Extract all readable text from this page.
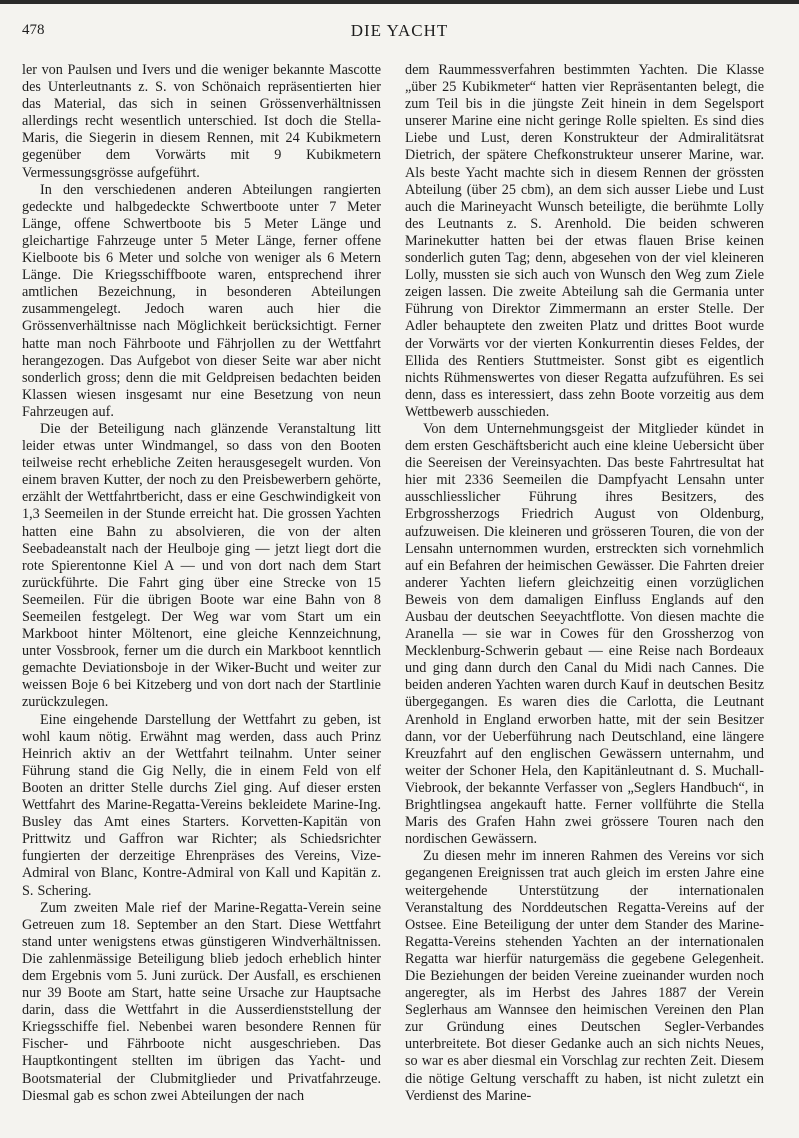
478	DIE YACHT

ler von Paulsen und Ivers und die weniger bekannte Mascotte des Unterleutnants z. S. von Schönaich repräsentierten hier das Material, das sich in seinen Grössenverhältnissen allerdings recht wesentlich unterschied. Ist doch die Stella-Maris, die Siegerin in diesem Rennen, mit 24 Kubikmetern gegenüber dem Vorwärts mit 9 Kubikmetern Vermessungsgrösse aufgeführt.

In den verschiedenen anderen Abteilungen rangierten gedeckte und halbgedeckte Schwertboote unter 7 Meter Länge, offene Schwertboote bis 5 Meter Länge und gleichartige Fahrzeuge unter 5 Meter Länge, ferner offene Kielboote bis 6 Meter und solche von weniger als 6 Metern Länge. Die Kriegsschiffboote waren, entsprechend ihrer amtlichen Bezeichnung, in besonderen Abteilungen zusammengelegt. Jedoch waren auch hier die Grössenverhältnisse nach Möglichkeit berücksichtigt. Ferner hatte man noch Fährboote und Fährjollen zu der Wettfahrt herangezogen. Das Aufgebot von dieser Seite war aber nicht sonderlich gross; denn die mit Geldpreisen bedachten beiden Klassen wiesen insgesamt nur eine Besetzung von neun Fahrzeugen auf.

Die der Beteiligung nach glänzende Veranstaltung litt leider etwas unter Windmangel, so dass von den Booten teilweise recht erhebliche Zeiten herausgesegelt wurden. Von einem braven Kutter, der noch zu den Preisbewerbern gehörte, erzählt der Wettfahrtbericht, dass er eine Geschwindigkeit von 1,3 Seemeilen in der Stunde erreicht hat. Die grossen Yachten hatten eine Bahn zu absolvieren, die von der alten Seebadeanstalt nach der Heulboje ging — jetzt liegt dort die rote Spierentonne Kiel A — und von dort nach dem Start zurückführte. Die Fahrt ging über eine Strecke von 15 Seemeilen. Für die übrigen Boote war eine Bahn von 8 Seemeilen festgelegt. Der Weg war vom Start um ein Markboot hinter Möltenort, eine gleiche Kennzeichnung, unter Vossbrook, ferner um die durch ein Markboot kenntlich gemachte Deviationsboje in der Wiker-Bucht und weiter zur weissen Boje 6 bei Kitzeberg und von dort nach der Startlinie zurückzulegen.

Eine eingehende Darstellung der Wettfahrt zu geben, ist wohl kaum nötig. Erwähnt mag werden, dass auch Prinz Heinrich aktiv an der Wettfahrt teilnahm. Unter seiner Führung stand die Gig Nelly, die in einem Feld von elf Booten an dritter Stelle durchs Ziel ging. Auf dieser ersten Wettfahrt des Marine-Regatta-Vereins bekleidete Marine-Ing. Busley das Amt eines Starters. Korvetten-Kapitän von Prittwitz und Gaffron war Richter; als Schiedsrichter fungierten der derzeitige Ehrenpräses des Vereins, Vize-Admiral von Blanc, Kontre-Admiral von Kall und Kapitän z. S. Schering.

Zum zweiten Male rief der Marine-Regatta-Verein seine Getreuen zum 18. September an den Start. Diese Wettfahrt stand unter wenigstens etwas günstigeren Windverhältnissen. Die zahlenmässige Beteiligung blieb jedoch erheblich hinter dem Ergebnis vom 5. Juni zurück. Der Ausfall, es erschienen nur 39 Boote am Start, hatte seine Ursache zur Hauptsache darin, dass die Wettfahrt in die Ausserdienststellung der Kriegsschiffe fiel. Nebenbei waren besondere Rennen für Fischer- und Fährboote nicht ausgeschrieben. Das Hauptkontingent stellten im übrigen das Yacht- und Bootsmaterial der Clubmitglieder und Privatfahrzeuge. Diesmal gab es schon zwei Abteilungen der nach

dem Raummessverfahren bestimmten Yachten. Die Klasse „über 25 Kubikmeter“ hatten vier Repräsentanten belegt, die zum Teil bis in die jüngste Zeit hinein in dem Segelsport unserer Marine eine nicht geringe Rolle spielten. Es sind dies Liebe und Lust, deren Konstrukteur der Admiralitätsrat Dietrich, der spätere Chefkonstrukteur unserer Marine, war. Als beste Yacht machte sich in diesem Rennen der grössten Abteilung (über 25 cbm), an dem sich ausser Liebe und Lust auch die Marineyacht Wunsch beteiligte, die berühmte Lolly des Leutnants z. S. Arenhold. Die beiden schweren Marinekutter hatten bei der etwas flauen Brise keinen sonderlich guten Tag; denn, abgesehen von der viel kleineren Lolly, mussten sie sich auch von Wunsch den Weg zum Ziele zeigen lassen. Die zweite Abteilung sah die Germania unter Führung von Direktor Zimmermann an erster Stelle. Der Adler behauptete den zweiten Platz und drittes Boot wurde der Vorwärts vor der vierten Konkurrentin dieses Feldes, der Ellida des Rentiers Stuttmeister. Sonst gibt es eigentlich nichts Rühmenswertes von dieser Regatta aufzuführen. Es sei denn, dass es interessiert, dass zehn Boote vorzeitig aus dem Wettbewerb ausschieden.

Von dem Unternehmungsgeist der Mitglieder kündet in dem ersten Geschäftsbericht auch eine kleine Uebersicht über die Seereisen der Vereinsyachten. Das beste Fahrtresultat hat hier mit 2336 Seemeilen die Dampfyacht Lensahn unter ausschliesslicher Führung ihres Besitzers, des Erbgrossherzogs Friedrich August von Oldenburg, aufzuweisen. Die kleineren und grösseren Touren, die von der Lensahn unternommen wurden, erstreckten sich vornehmlich auf ein Befahren der heimischen Gewässer. Die Fahrten dreier anderer Yachten liefern gleichzeitig einen vorzüglichen Beweis von dem damaligen Einfluss Englands auf den Ausbau der deutschen Seeyachtflotte. Von diesen machte die Aranella — sie war in Cowes für den Grossherzog von Mecklenburg-Schwerin gebaut — eine Reise nach Bordeaux und ging dann durch den Canal du Midi nach Cannes. Die beiden anderen Yachten waren durch Kauf in deutschen Besitz übergegangen. Es waren dies die Carlotta, die Leutnant Arenhold in England erworben hatte, mit der sein Besitzer dann, vor der Ueberführung nach Deutschland, eine längere Kreuzfahrt auf den englischen Gewässern unternahm, und weiter der Schoner Hela, den Kapitänleutnant d. S. Muchall-Viebrook, der bekannte Verfasser von „Seglers Handbuch“, in Brightlingsea angekauft hatte. Ferner vollführte die Stella Maris des Grafen Hahn zwei grössere Touren nach den nordischen Gewässern.

Zu diesen mehr im inneren Rahmen des Vereins vor sich gegangenen Ereignissen trat auch gleich im ersten Jahre eine weitergehende Unterstützung der internationalen Veranstaltung des Norddeutschen Regatta-Vereins auf der Ostsee. Eine Beteiligung der unter dem Stander des Marine-Regatta-Vereins stehenden Yachten an der internationalen Regatta war hierfür naturgemäss die gegebene Gelegenheit. Die Beziehungen der beiden Vereine zueinander wurden noch angeregter, als im Herbst des Jahres 1887 der Verein Seglerhaus am Wannsee den heimischen Vereinen den Plan zur Gründung eines Deutschen Segler-Verbandes unterbreitete. Bot dieser Gedanke auch an sich nichts Neues, so war es aber diesmal ein Vorschlag zur rechten Zeit. Diesem die nötige Geltung verschafft zu haben, ist nicht zuletzt ein Verdienst des Marine-
